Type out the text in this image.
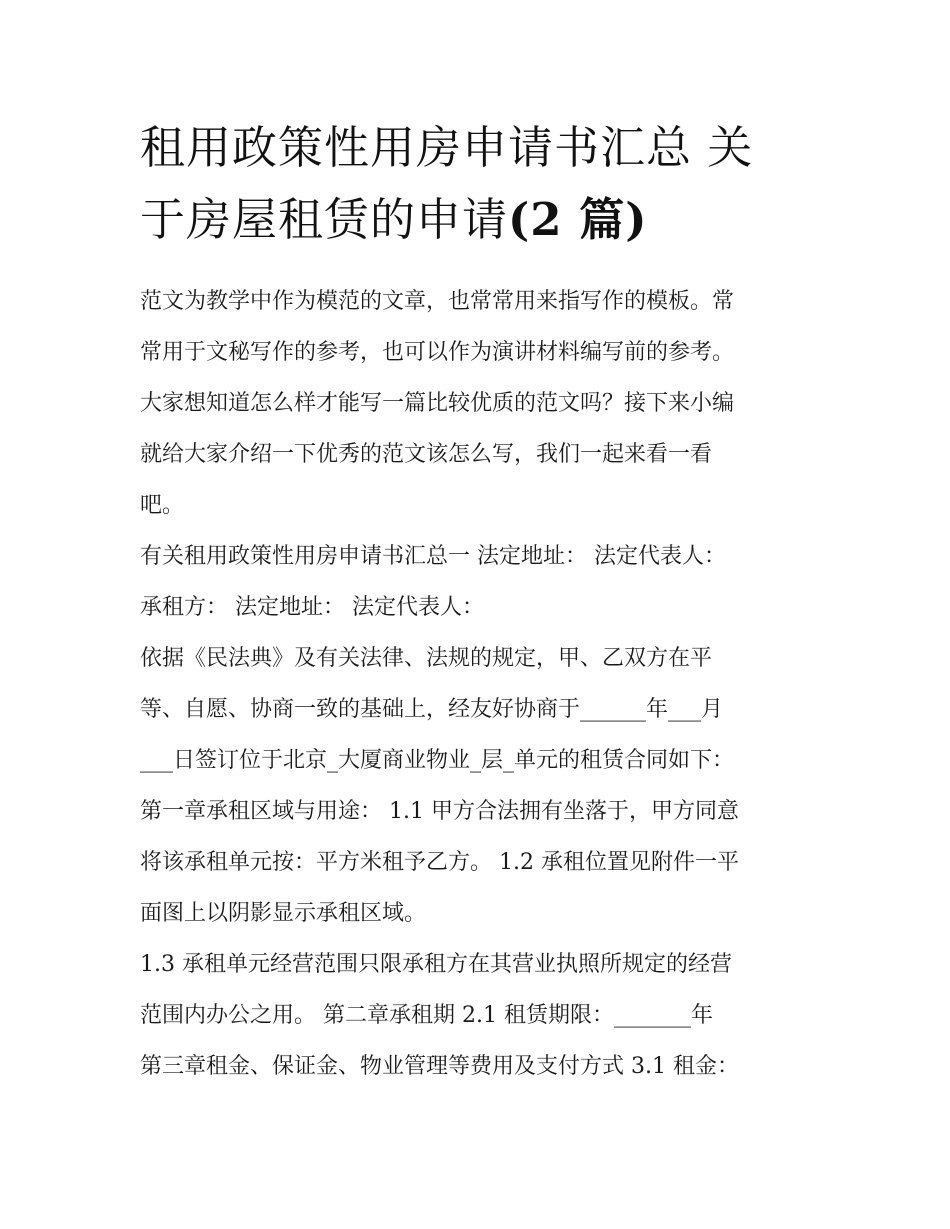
租用政策性用房申请书汇总 关
于房屋租赁的申请(2 篇)
范文为教学中作为模范的文章，也常常用来指写作的模板。常
常用于文秘写作的参考，也可以作为演讲材料编写前的参考。
大家想知道怎么样才能写一篇比较优质的范文吗？接下来小编
就给大家介绍一下优秀的范文该怎么写，我们一起来看一看
吧。
有关租用政策性用房申请书汇总一 法定地址： 法定代表人：
承租方： 法定地址： 法定代表人：
依据《民法典》及有关法律、法规的规定，甲、乙双方在平
等、自愿、协商一致的基础上，经友好协商于______年___月
___日签订位于北京_大厦商业物业_层_单元的租赁合同如下：
第一章承租区域与用途： 1.1 甲方合法拥有坐落于，甲方同意
将该承租单元按：平方米租予乙方。 1.2 承租位置见附件一平
面图上以阴影显示承租区域。
1.3 承租单元经营范围只限承租方在其营业执照所规定的经营
范围内办公之用。 第二章承租期 2.1 租赁期限：_______年
第三章租金、保证金、物业管理等费用及支付方式 3.1 租金：
